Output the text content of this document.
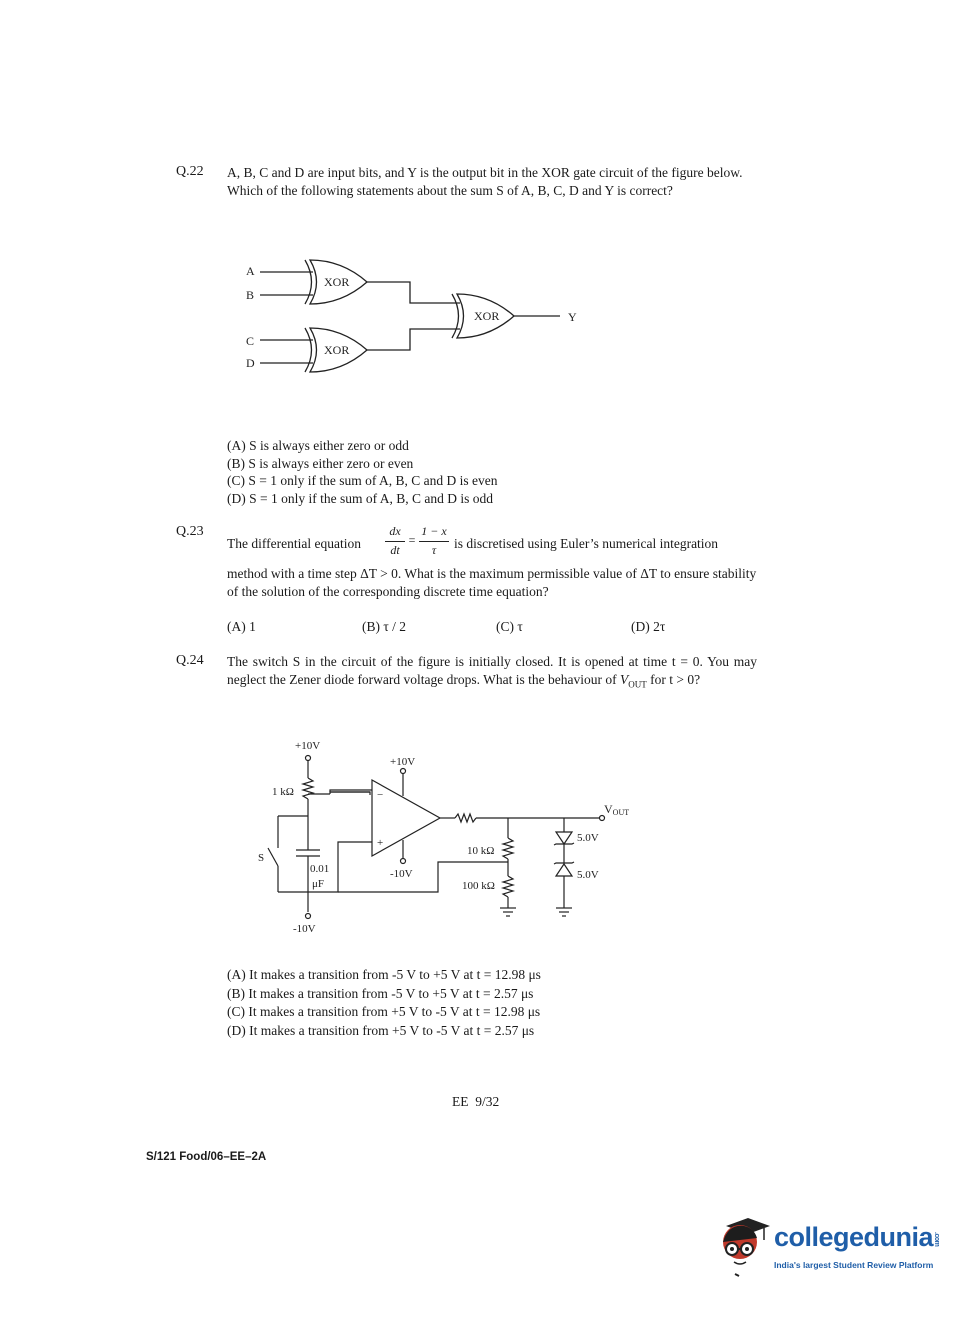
Q.22 A, B, C and D are input bits, and Y is the output bit in the XOR gate circuit of the figure below. Which of the following statements about the sum S of A, B, C, D and Y is correct?
A
B
C
D
XOR
XOR
XOR	Y
(A) S is always either zero or odd
(B) S is always either zero or even
(C) S = 1 only if the sum of A, B, C and D is even
(D) S = 1 only if the sum of A, B, C and D is odd
Q.23
The differential equation
dx
dt
=
1 − x
τ	is discretised using Euler’s numerical integration
method with a time step ΔT > 0. What is the maximum permissible value of ΔT to ensure stability of the solution of the corresponding discrete time equation?
(A) 1	(B) τ / 2	(C) τ	(D) 2τ
Q.24 The switch S in the circuit of the figure is initially closed. It is opened at time t = 0. You may neglect the Zener diode forward voltage drops. What is the behaviour of $V_{OUT}$ for t > 0?
+10V
+10V
1 kΩ	−
+
S
0.01
μF
-10V
-10V
10 kΩ
100 kΩ
5.0V
5.0V
VOUT
(A) It makes a transition from -5 V to +5 V at t = 12.98 μs
(B) It makes a transition from -5 V to +5 V at t = 2.57 μs
(C) It makes a transition from +5 V to -5 V at t = 12.98 μs
(D) It makes a transition from +5 V to -5 V at t = 2.57 μs
EE  9/32
S/121 Food/06–EE–2A
collegedunia.com
India's largest Student Review Platform
